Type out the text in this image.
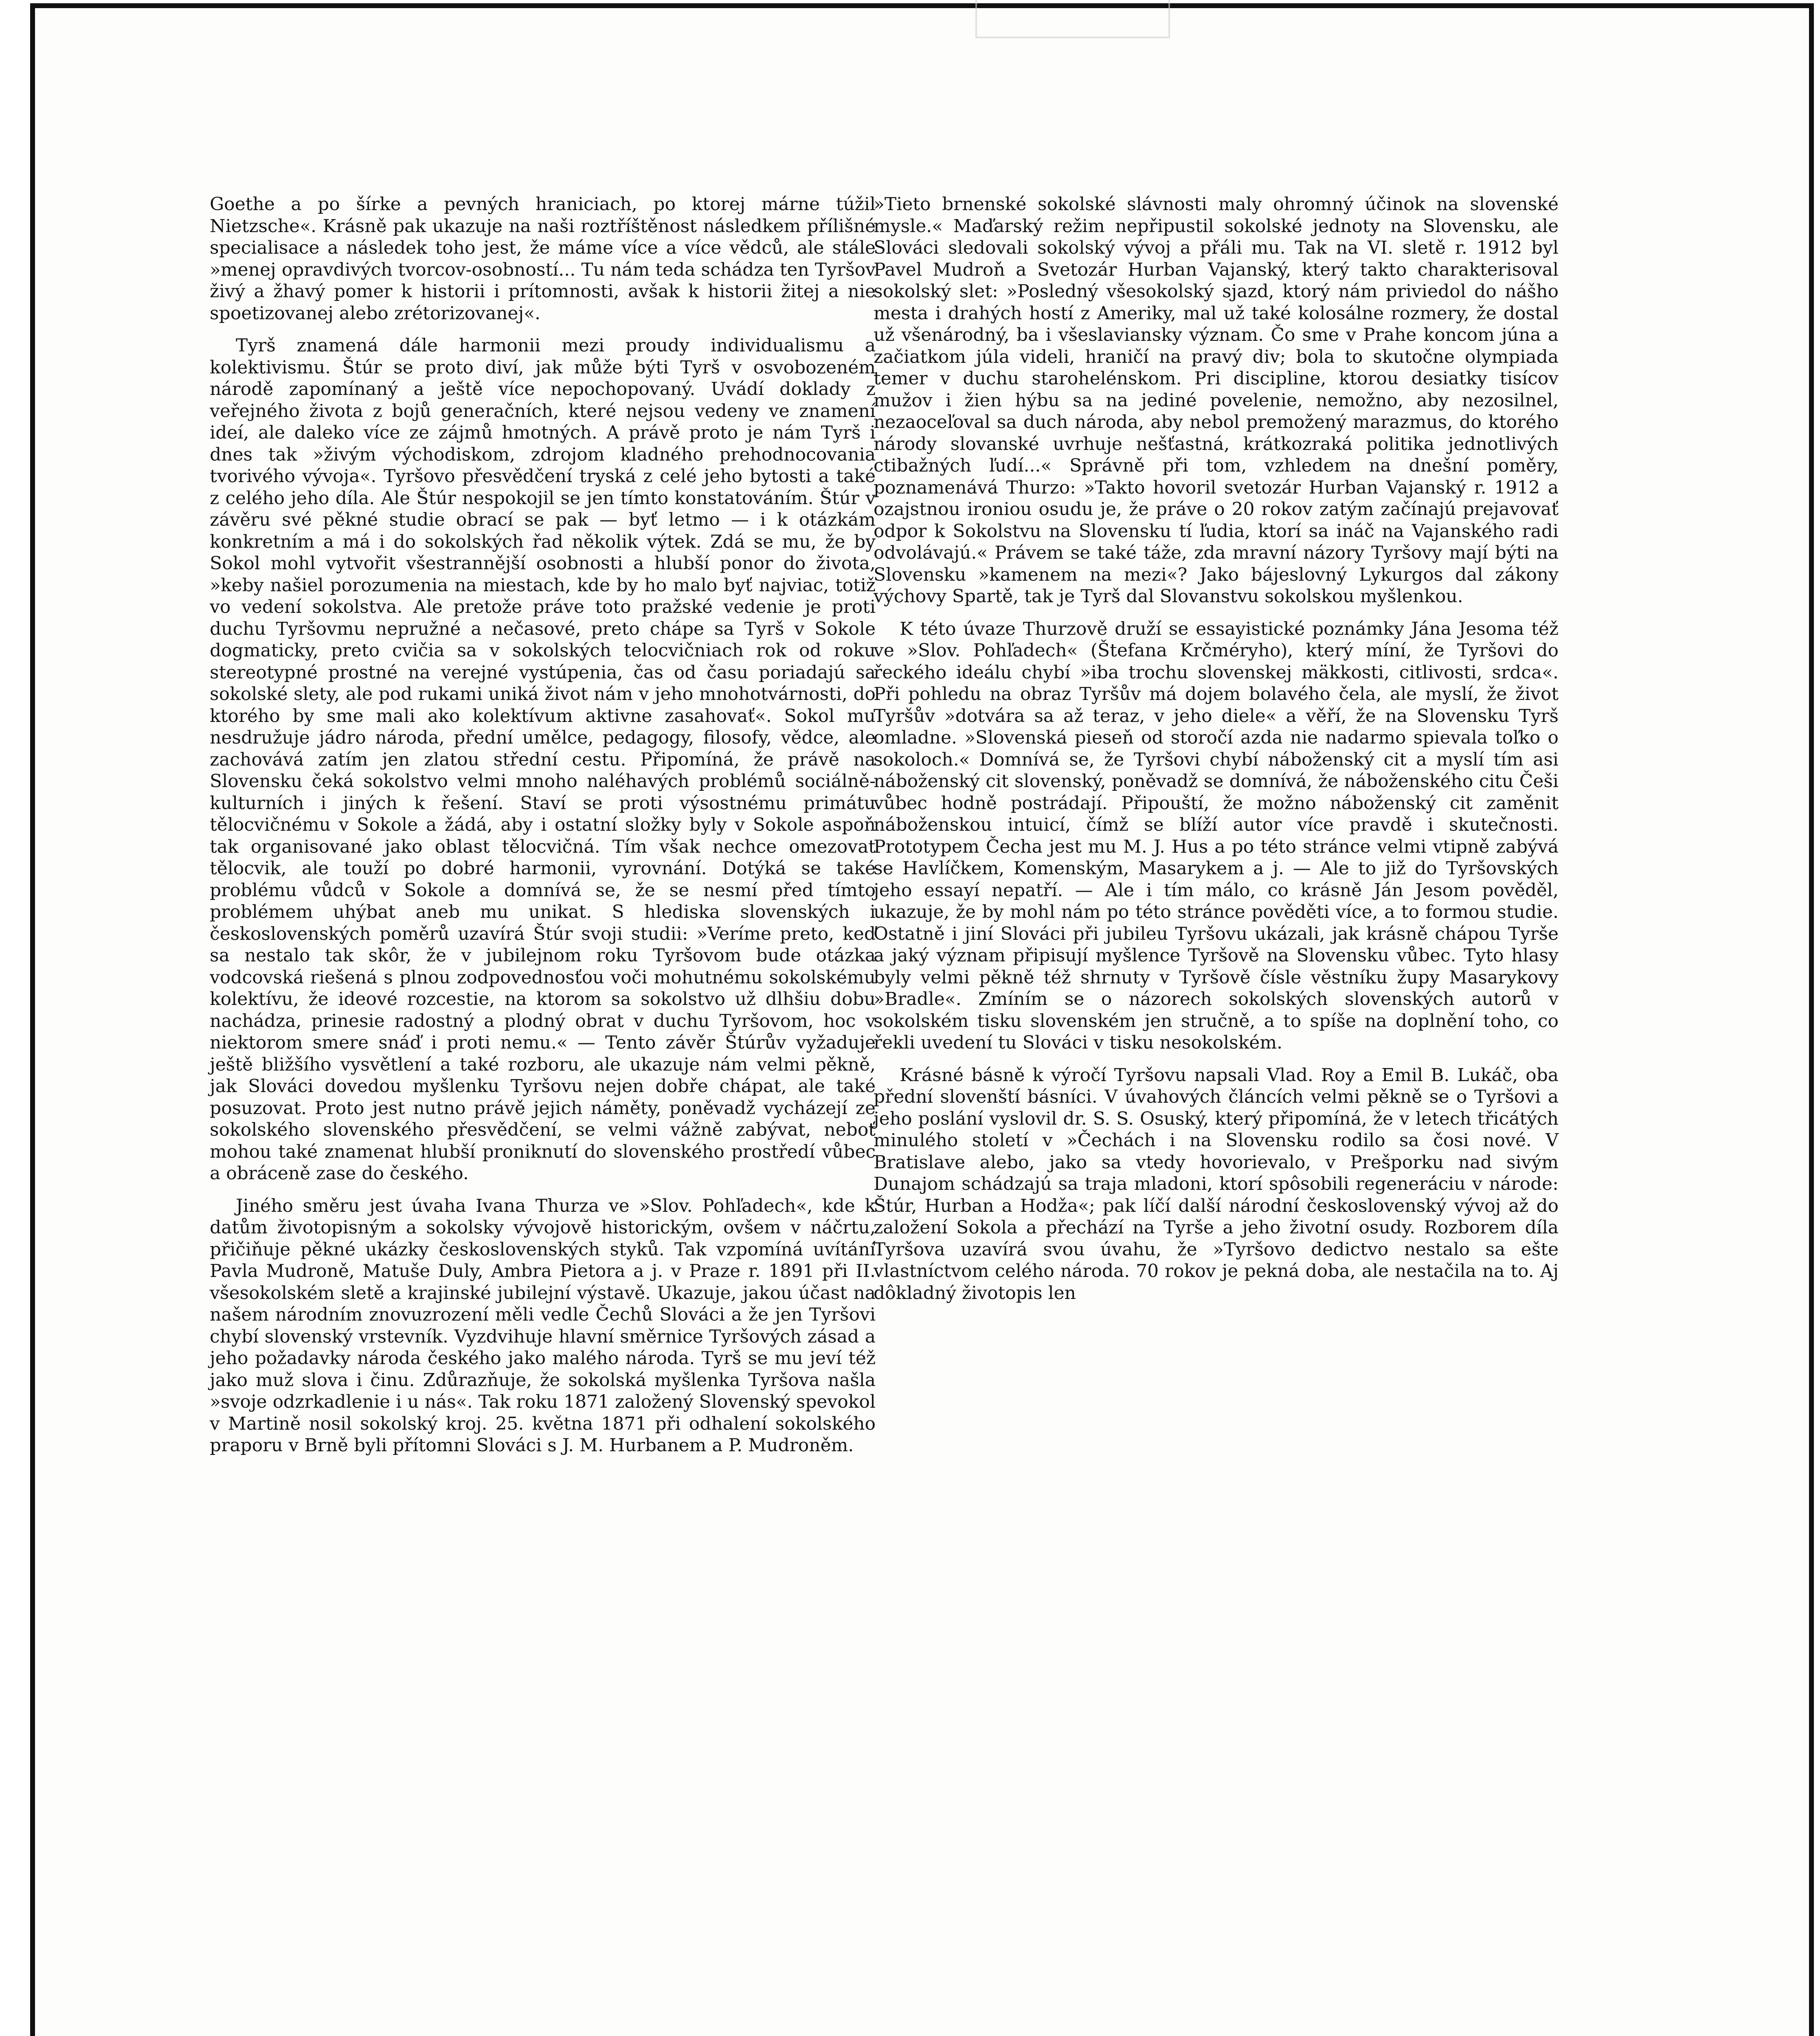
Goethe a po šírke a pevných hraniciach, po ktorej márne túžil Nietzsche«. Krásně pak ukazuje na naši roztříštěnost následkem přílišné specialisace a následek toho jest, že máme více a více vědců, ale stále »menej opravdivých tvorcov-osobností... Tu nám teda schádza ten Tyršov živý a žhavý pomer k historii i prítomnosti, avšak k historii žitej a nie spoetizovanej alebo zrétorizovanej«.

Tyrš znamená dále harmonii mezi proudy individualismu a kolektivismu. Štúr se proto diví, jak může býti Tyrš v osvobozeném národě zapomínaný a ještě více nepochopovaný. Uvádí doklady z veřejného života z bojů generačních, které nejsou vedeny ve znamení ideí, ale daleko více ze zájmů hmotných. A právě proto je nám Tyrš i dnes tak »živým východiskom, zdrojom kladného prehodnocovania tvorivého vývoja«. Tyršovo přesvědčení tryská z celé jeho bytosti a také z celého jeho díla. Ale Štúr nespokojil se jen tímto konstatováním. Štúr v závěru své pěkné studie obrací se pak — byť letmo — i k otázkám konkretním a má i do sokolských řad několik výtek. Zdá se mu, že by Sokol mohl vytvořit všestrannější osobnosti a hlubší ponor do života, »keby našiel porozumenia na miestach, kde by ho malo byť najviac, totiž vo vedení sokolstva. Ale pretože práve toto pražské vedenie je proti duchu Tyršovmu nepružné a nečasové, preto chápe sa Tyrš v Sokole dogmaticky, preto cvičia sa v sokolských telocvičniach rok od roku stereotypné prostné na verejné vystúpenia, čas od času poriadajú sa sokolské slety, ale pod rukami uniká život nám v jeho mnohotvárnosti, do ktorého by sme mali ako kolektívum aktivne zasahovať«. Sokol mu nesdružuje jádro národa, přední umělce, pedagogy, filosofy, vědce, ale zachovává zatím jen zlatou střední cestu. Připomíná, že právě na Slovensku čeká sokolstvo velmi mnoho naléhavých problémů sociálně-kulturních i jiných k řešení. Staví se proti výsostnému primátu tělocvičnému v Sokole a žádá, aby i ostatní složky byly v Sokole aspoň tak organisované jako oblast tělocvičná. Tím však nechce omezovat tělocvik, ale touží po dobré harmonii, vyrovnání. Dotýká se také problému vůdců v Sokole a domnívá se, že se nesmí před tímto problémem uhýbat aneb mu unikat. S hlediska slovenských i československých poměrů uzavírá Štúr svoji studii: »Veríme preto, keď sa nestalo tak skôr, že v jubilejnom roku Tyršovom bude otázka vodcovská riešená s plnou zodpovednosťou voči mohutnému sokolskému kolektívu, že ideové rozcestie, na ktorom sa sokolstvo už dlhšiu dobu nachádza, prinesie radostný a plodný obrat v duchu Tyršovom, hoc v niektorom smere snáď i proti nemu.« — Tento závěr Štúrův vyžaduje ještě bližšího vysvětlení a také rozboru, ale ukazuje nám velmi pěkně, jak Slováci dovedou myšlenku Tyršovu nejen dobře chápat, ale také posuzovat. Proto jest nutno právě jejich náměty, poněvadž vycházejí ze sokolského slovenského přesvědčení, se velmi vážně zabývat, neboť mohou také znamenat hlubší proniknutí do slovenského prostředí vůbec a obráceně zase do českého.

Jiného směru jest úvaha Ivana Thurza ve »Slov. Pohľadech«, kde k datům životopisným a sokolsky vývojově historickým, ovšem v náčrtu, přičiňuje pěkné ukázky československých styků. Tak vzpomíná uvítání Pavla Mudroně, Matuše Duly, Ambra Pietora a j. v Praze r. 1891 při II. všesokolském sletě a krajinské jubilejní výstavě. Ukazuje, jakou účast na našem národním znovuzrození měli vedle Čechů Slováci a že jen Tyršovi chybí slovenský vrstevník. Vyzdvihuje hlavní směrnice Tyršových zásad a jeho požadavky národa českého jako malého národa. Tyrš se mu jeví též jako muž slova i činu. Zdůrazňuje, že sokolská myšlenka Tyršova našla »svoje odzrkadlenie i u nás«. Tak roku 1871 založený Slovenský spevokol v Martině nosil sokolský kroj. 25. května 1871 při odhalení sokolského praporu v Brně byli přítomni Slováci s J. M. Hurbanem a P. Mudroněm.

»Tieto brnenské sokolské slávnosti maly ohromný účinok na slovenské mysle.« Maďarský režim nepřipustil sokolské jednoty na Slovensku, ale Slováci sledovali sokolský vývoj a přáli mu. Tak na VI. sletě r. 1912 byl Pavel Mudroň a Svetozár Hurban Vajanský, který takto charakterisoval sokolský slet: »Posledný všesokolský sjazd, ktorý nám priviedol do nášho mesta i drahých hostí z Ameriky, mal už také kolosálne rozmery, že dostal už všenárodný, ba i všeslaviansky význam. Čo sme v Prahe koncom júna a začiatkom júla videli, hraničí na pravý div; bola to skutočne olympiada temer v duchu starohelénskom. Pri discipline, ktorou desiatky tisícov mužov i žien hýbu sa na jediné povelenie, nemožno, aby nezosilnel, nezaoceľoval sa duch národa, aby nebol premožený marazmus, do ktorého národy slovanské uvrhuje nešťastná, krátkozraká politika jednotlivých ctibažných ľudí...« Správně při tom, vzhledem na dnešní poměry, poznamenává Thurzo: »Takto hovoril svetozár Hurban Vajanský r. 1912 a ozajstnou ironiou osudu je, že práve o 20 rokov zatým začínajú prejavovať odpor k Sokolstvu na Slovensku tí ľudia, ktorí sa ináč na Vajanského radi odvolávajú.« Právem se také táže, zda mravní názory Tyršovy mají býti na Slovensku »kamenem na mezi«? Jako bájeslovný Lykurgos dal zákony výchovy Spartě, tak je Tyrš dal Slovanstvu sokolskou myšlenkou.

K této úvaze Thurzově druží se essayistické poznámky Jána Jesoma též ve »Slov. Pohľadech« (Štefana Krčméryho), který míní, že Tyršovi do řeckého ideálu chybí »iba trochu slovenskej mäkkosti, citlivosti, srdca«. Při pohledu na obraz Tyršův má dojem bolavého čela, ale myslí, že život Tyršův »dotvára sa až teraz, v jeho diele« a věří, že na Slovensku Tyrš omladne. »Slovenská pieseň od storočí azda nie nadarmo spievala toľko o sokoloch.« Domnívá se, že Tyršovi chybí náboženský cit a myslí tím asi náboženský cit slovenský, poněvadž se domnívá, že náboženského citu Češi vůbec hodně postrádají. Připouští, že možno náboženský cit zaměnit náboženskou intuicí, čímž se blíží autor více pravdě i skutečnosti. Prototypem Čecha jest mu M. J. Hus a po této stránce velmi vtipně zabývá se Havlíčkem, Komenským, Masarykem a j. — Ale to již do Tyršovských jeho essayí nepatří. — Ale i tím málo, co krásně Ján Jesom pověděl, ukazuje, že by mohl nám po této stránce pověděti více, a to formou studie. Ostatně i jiní Slováci při jubileu Tyršovu ukázali, jak krásně chápou Tyrše a jaký význam připisují myšlence Tyršově na Slovensku vůbec. Tyto hlasy byly velmi pěkně též shrnuty v Tyršově čísle věstníku župy Masarykovy »Bradle«. Zmíním se o názorech sokolských slovenských autorů v sokolském tisku slovenském jen stručně, a to spíše na doplnění toho, co řekli uvedení tu Slováci v tisku nesokolském.

Krásné básně k výročí Tyršovu napsali Vlad. Roy a Emil B. Lukáč, oba přední slovenští básníci. V úvahových článcích velmi pěkně se o Tyršovi a jeho poslání vyslovil dr. S. S. Osuský, který připomíná, že v letech třicátých minulého století v »Čechách i na Slovensku rodilo sa čosi nové. V Bratislave alebo, jako sa vtedy hovorievalo, v Prešporku nad sivým Dunajom schádzajú sa traja mladoni, ktorí spôsobili regeneráciu v národe: Štúr, Hurban a Hodža«; pak líčí další národní československý vývoj až do založení Sokola a přechází na Tyrše a jeho životní osudy. Rozborem díla Tyršova uzavírá svou úvahu, že »Tyršovo dedictvo nestalo sa ešte vlastníctvom celého národa. 70 rokov je pekná doba, ale nestačila na to. Aj dôkladný životopis len
